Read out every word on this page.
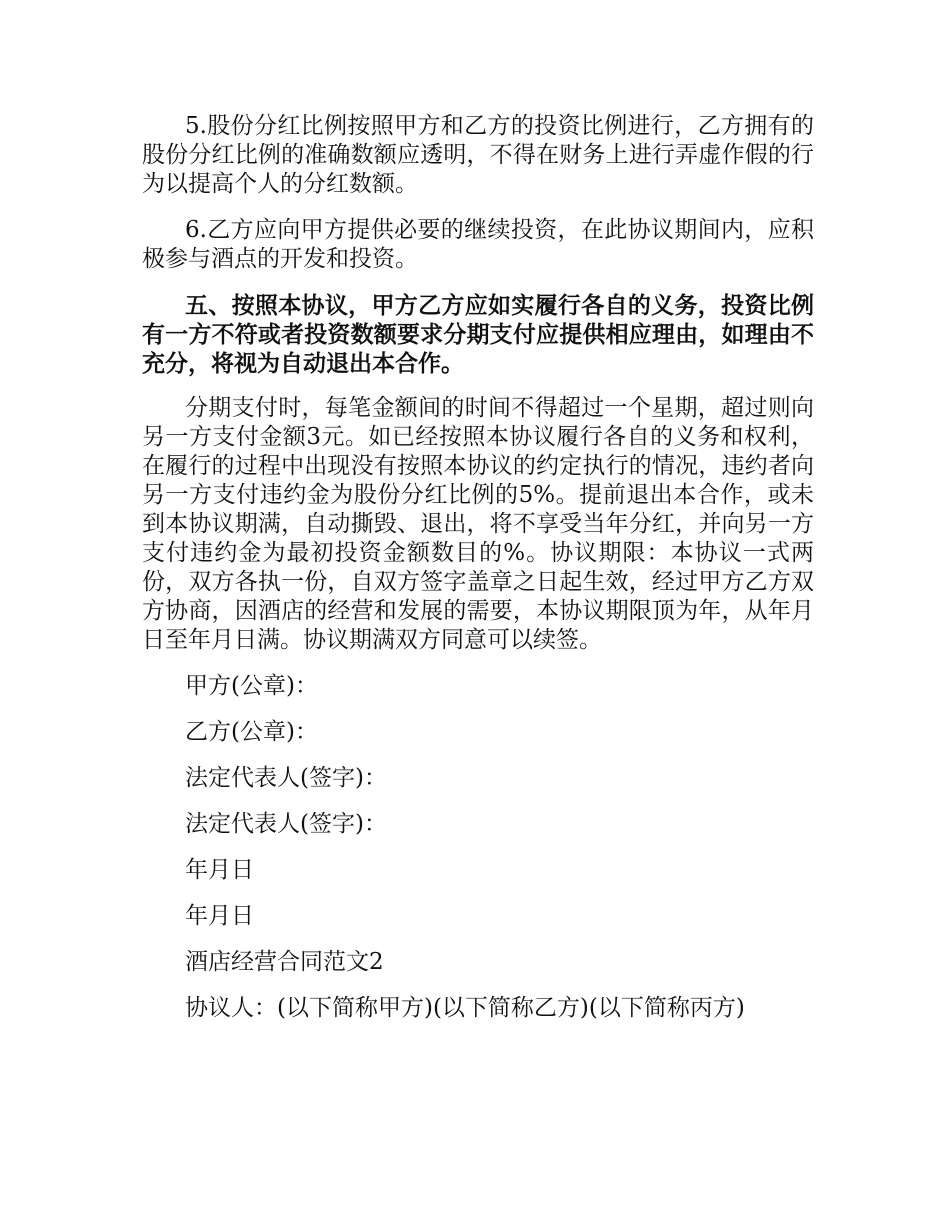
5.股份分红比例按照甲方和乙方的投资比例进行，乙方拥有的股份分红比例的准确数额应透明，不得在财务上进行弄虚作假的行为以提高个人的分红数额。

6.乙方应向甲方提供必要的继续投资，在此协议期间内，应积极参与酒点的开发和投资。

五、按照本协议，甲方乙方应如实履行各自的义务，投资比例有一方不符或者投资数额要求分期支付应提供相应理由，如理由不充分，将视为自动退出本合作。

分期支付时，每笔金额间的时间不得超过一个星期，超过则向另一方支付金额3元。如已经按照本协议履行各自的义务和权利，在履行的过程中出现没有按照本协议的约定执行的情况，违约者向另一方支付违约金为股份分红比例的5%。提前退出本合作，或未到本协议期满，自动撕毁、退出，将不享受当年分红，并向另一方支付违约金为最初投资金额数目的%。协议期限：本协议一式两份，双方各执一份，自双方签字盖章之日起生效，经过甲方乙方双方协商，因酒店的经营和发展的需要，本协议期限顶为年，从年月日至年月日满。协议期满双方同意可以续签。

甲方(公章)：

乙方(公章)：

法定代表人(签字)：

法定代表人(签字)：

年月日

年月日

酒店经营合同范文2

协议人：(以下简称甲方)(以下简称乙方)(以下简称丙方)
